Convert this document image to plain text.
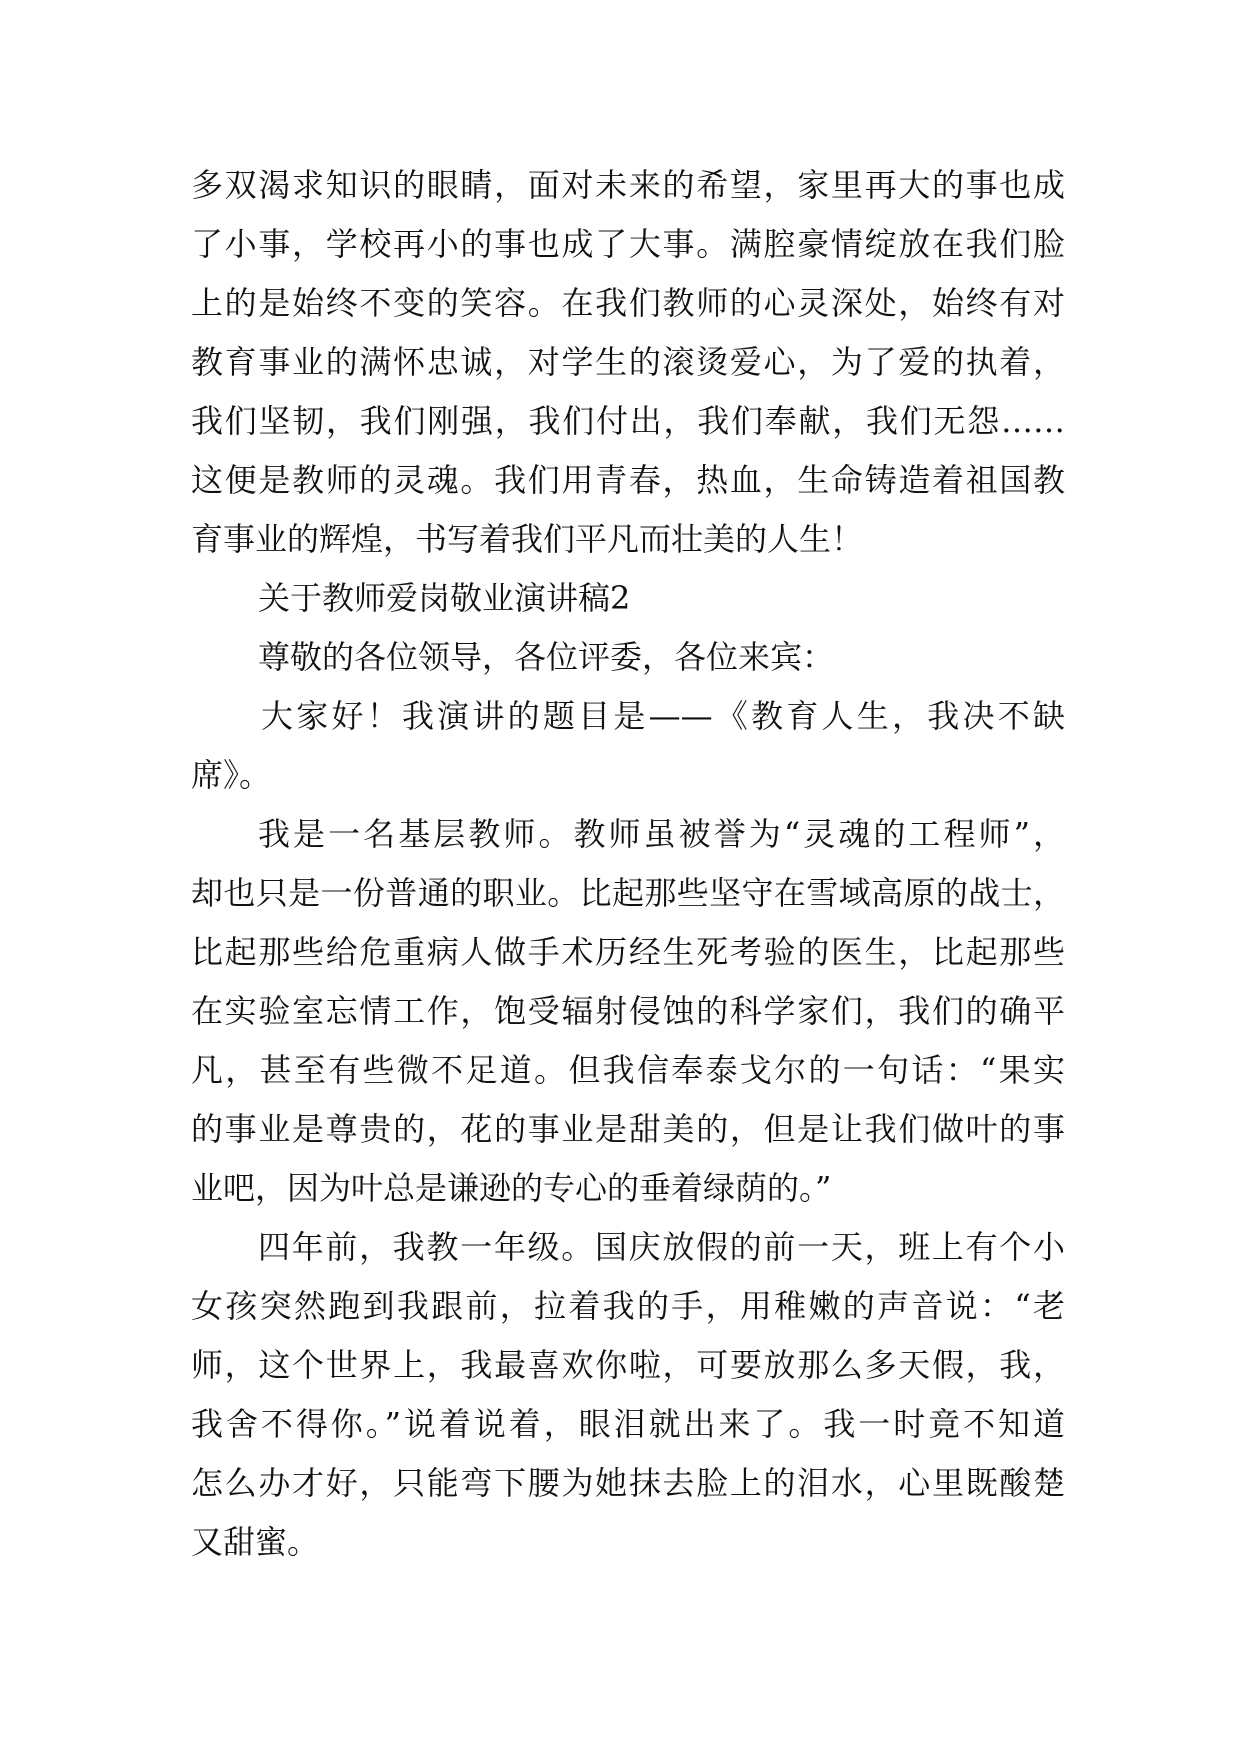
多双渴求知识的眼睛，面对未来的希望，家里再大的事也成
了小事，学校再小的事也成了大事。满腔豪情绽放在我们脸
上的是始终不变的笑容。在我们教师的心灵深处，始终有对
教育事业的满怀忠诚，对学生的滚烫爱心，为了爱的执着，
我们坚韧，我们刚强，我们付出，我们奉献，我们无怨……
这便是教师的灵魂。我们用青春，热血，生命铸造着祖国教
育事业的辉煌，书写着我们平凡而壮美的人生！
关于教师爱岗敬业演讲稿2
尊敬的各位领导，各位评委，各位来宾：
大家好！我演讲的题目是——《教育人生，我决不缺
席》。
我是一名基层教师。教师虽被誉为“灵魂的工程师”，
却也只是一份普通的职业。比起那些坚守在雪域高原的战士，
比起那些给危重病人做手术历经生死考验的医生，比起那些
在实验室忘情工作，饱受辐射侵蚀的科学家们，我们的确平
凡，甚至有些微不足道。但我信奉泰戈尔的一句话：“果实
的事业是尊贵的，花的事业是甜美的，但是让我们做叶的事
业吧，因为叶总是谦逊的专心的垂着绿荫的。”
四年前，我教一年级。国庆放假的前一天，班上有个小
女孩突然跑到我跟前，拉着我的手，用稚嫩的声音说：“老
师，这个世界上，我最喜欢你啦，可要放那么多天假，我，
我舍不得你。”说着说着，眼泪就出来了。我一时竟不知道
怎么办才好，只能弯下腰为她抹去脸上的泪水，心里既酸楚
又甜蜜。
